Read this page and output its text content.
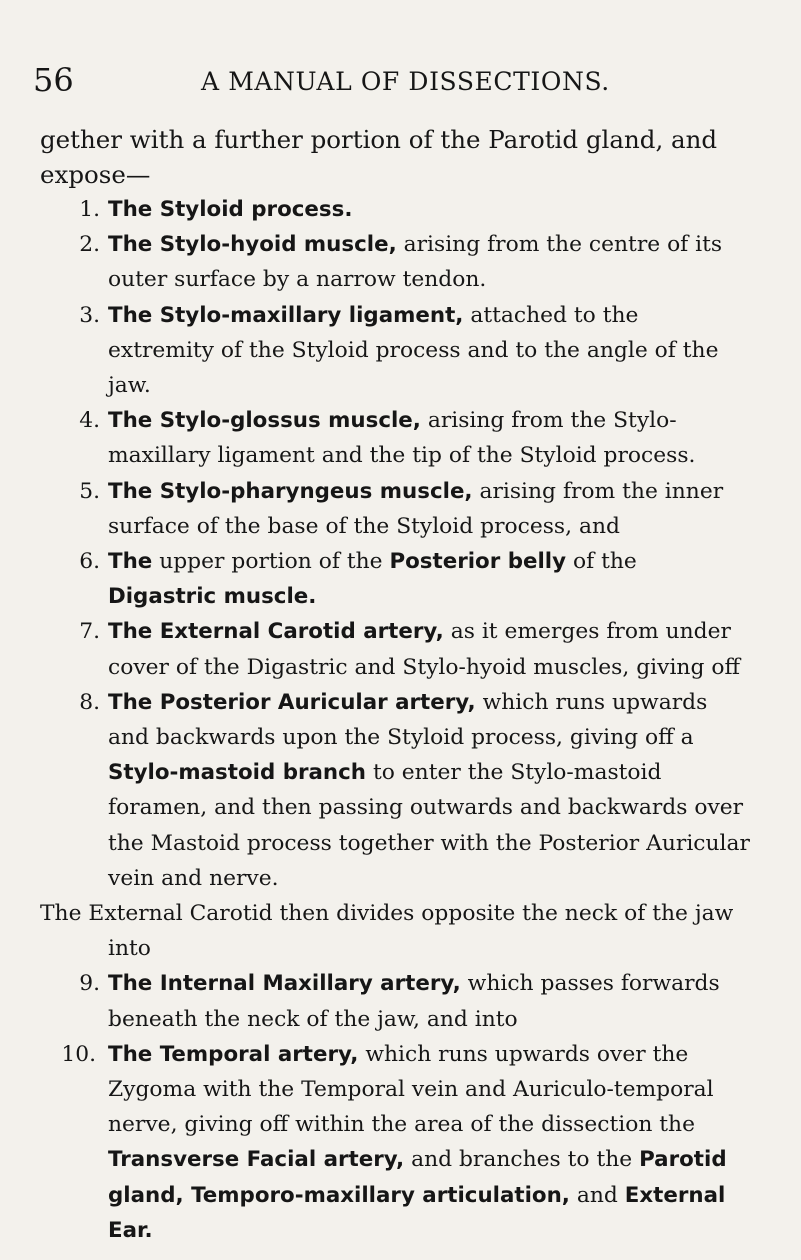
56	A MANUAL OF DISSECTIONS.

gether with a further portion of the Parotid gland, and

expose—

1. The Styloid process.
2. The Stylo-hyoid muscle, arising from the centre of its outer surface by a narrow tendon.
3. The Stylo-maxillary ligament, attached to the extremity of the Styloid process and to the angle of the jaw.
4. The Stylo-glossus muscle, arising from the Stylo-maxillary ligament and the tip of the Styloid process.
5. The Stylo-pharyngeus muscle, arising from the inner surface of the base of the Styloid process, and
6. The upper portion of the Posterior belly of the Digastric muscle.
7. The External Carotid artery, as it emerges from under cover of the Digastric and Stylo-hyoid muscles, giving off
8. The Posterior Auricular artery, which runs upwards and backwards upon the Styloid process, giving off a Stylo-mastoid branch to enter the Stylo-mastoid foramen, and then passing outwards and backwards over the Mastoid process together with the Posterior Auricular vein and nerve.

The External Carotid then divides opposite the neck of the jaw into

9. The Internal Maxillary artery, which passes forwards beneath the neck of the jaw, and into
10. The Temporal artery, which runs upwards over the Zygoma with the Temporal vein and Auriculo-temporal nerve, giving off within the area of the dissection the Transverse Facial artery, and branches to the Parotid gland, Temporo-maxillary articulation, and External Ear.
